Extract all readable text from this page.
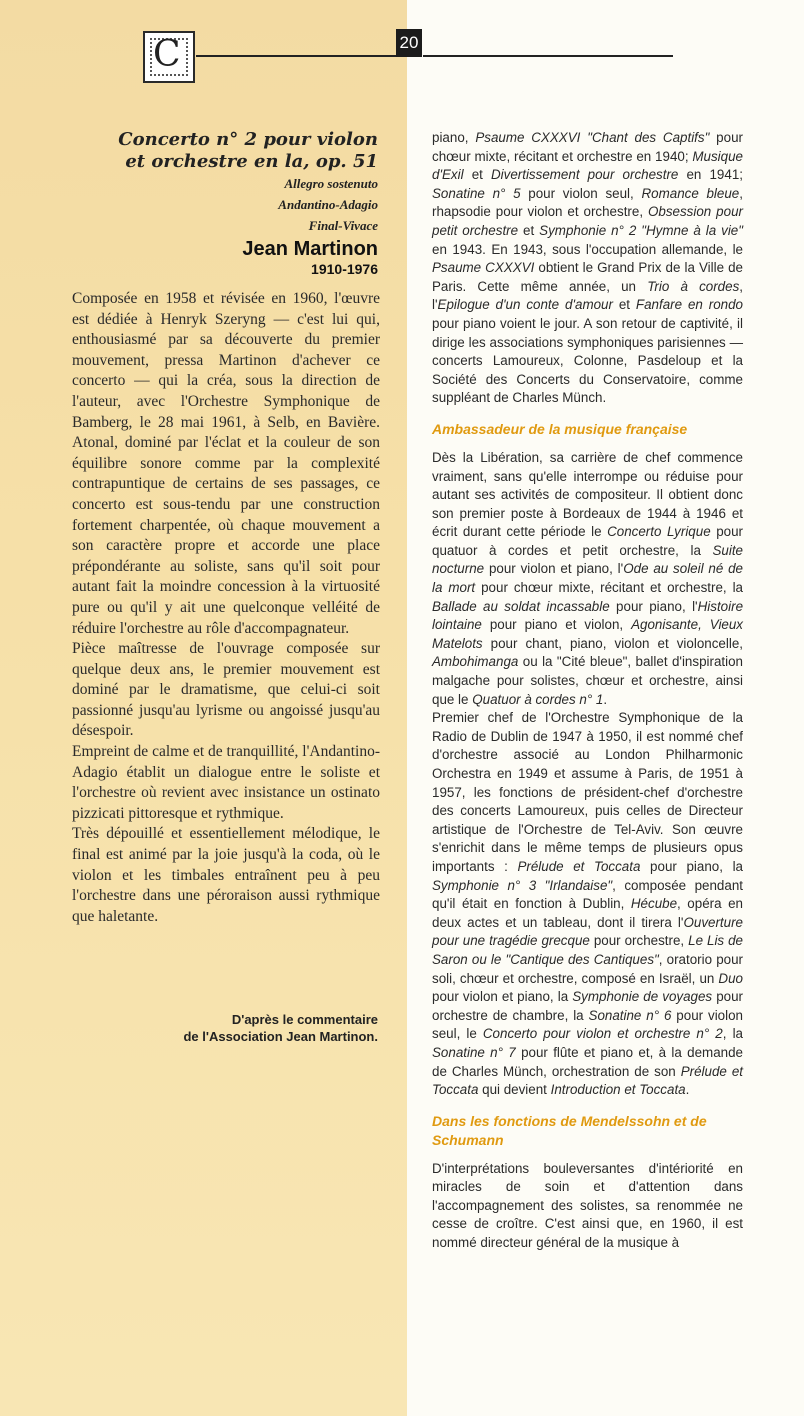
C	20
Concerto n° 2 pour violon
et orchestre en la, op. 51
Allegro sostenuto
Andantino-Adagio
Final-Vivace
Jean Martinon
1910-1976

Composée en 1958 et révisée en 1960, l'œuvre est dédiée à Henryk Szeryng — c'est lui qui, enthousiasmé par sa découverte du premier mouvement, pressa Martinon d'achever ce concerto — qui la créa, sous la direction de l'auteur, avec l'Orchestre Symphonique de Bamberg, le 28 mai 1961, à Selb, en Bavière. Atonal, dominé par l'éclat et la couleur de son équilibre sonore comme par la complexité contrapuntique de certains de ses passages, ce concerto est sous-tendu par une construction fortement charpentée, où chaque mouvement a son caractère propre et accorde une place prépondérante au soliste, sans qu'il soit pour autant fait la moindre concession à la virtuosité pure ou qu'il y ait une quelconque velléité de réduire l'orchestre au rôle d'accompagnateur.

Pièce maîtresse de l'ouvrage composée sur quelque deux ans, le premier mouvement est dominé par le dramatisme, que celui-ci soit passionné jusqu'au lyrisme ou angoissé jusqu'au désespoir.

Empreint de calme et de tranquillité, l'Andantino-Adagio établit un dialogue entre le soliste et l'orchestre où revient avec insistance un ostinato pizzicati pittoresque et rythmique.

Très dépouillé et essentiellement mélodique, le final est animé par la joie jusqu'à la coda, où le violon et les timbales entraînent peu à peu l'orchestre dans une péroraison aussi rythmique que haletante.

D'après le commentaire
de l'Association Jean Martinon.

piano, Psaume CXXXVI "Chant des Captifs" pour chœur mixte, récitant et orchestre en 1940; Musique d'Exil et Divertissement pour orchestre en 1941; Sonatine n° 5 pour violon seul, Romance bleue, rhapsodie pour violon et orchestre, Obsession pour petit orchestre et Symphonie n° 2 "Hymne à la vie" en 1943. En 1943, sous l'occupation allemande, le Psaume CXXXVI obtient le Grand Prix de la Ville de Paris. Cette même année, un Trio à cordes, l'Epilogue d'un conte d'amour et Fanfare en rondo pour piano voient le jour. A son retour de captivité, il dirige les associations symphoniques parisiennes — concerts Lamoureux, Colonne, Pasdeloup et la Société des Concerts du Conservatoire, comme suppléant de Charles Münch.

Ambassadeur de la musique française

Dès la Libération, sa carrière de chef commence vraiment, sans qu'elle interrompe ou réduise pour autant ses activités de compositeur. Il obtient donc son premier poste à Bordeaux de 1944 à 1946 et écrit durant cette période le Concerto Lyrique pour quatuor à cordes et petit orchestre, la Suite nocturne pour violon et piano, l'Ode au soleil né de la mort pour chœur mixte, récitant et orchestre, la Ballade au soldat incassable pour piano, l'Histoire lointaine pour piano et violon, Agonisante, Vieux Matelots pour chant, piano, violon et violoncelle, Ambohimanga ou la "Cité bleue", ballet d'inspiration malgache pour solistes, chœur et orchestre, ainsi que le Quatuor à cordes n° 1.

Premier chef de l'Orchestre Symphonique de la Radio de Dublin de 1947 à 1950, il est nommé chef d'orchestre associé au London Philharmonic Orchestra en 1949 et assume à Paris, de 1951 à 1957, les fonctions de président-chef d'orchestre des concerts Lamoureux, puis celles de Directeur artistique de l'Orchestre de Tel-Aviv. Son œuvre s'enrichit dans le même temps de plusieurs opus importants : Prélude et Toccata pour piano, la Symphonie n° 3 "Irlandaise", composée pendant qu'il était en fonction à Dublin, Hécube, opéra en deux actes et un tableau, dont il tirera l'Ouverture pour une tragédie grecque pour orchestre, Le Lis de Saron ou le "Cantique des Cantiques", oratorio pour soli, chœur et orchestre, composé en Israël, un Duo pour violon et piano, la Symphonie de voyages pour orchestre de chambre, la Sonatine n° 6 pour violon seul, le Concerto pour violon et orchestre n° 2, la Sonatine n° 7 pour flûte et piano et, à la demande de Charles Münch, orchestration de son Prélude et Toccata qui devient Introduction et Toccata.

Dans les fonctions de Mendelssohn et de Schumann

D'interprétations bouleversantes d'intériorité en miracles de soin et d'attention dans l'accompagnement des solistes, sa renommée ne cesse de croître. C'est ainsi que, en 1960, il est nommé directeur général de la musique à
